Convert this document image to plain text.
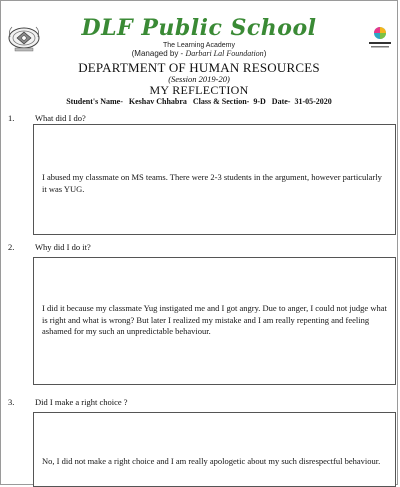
DLF Public School
The Learning Academy
(Managed by - Darbari Lal Foundation)
DEPARTMENT OF HUMAN RESOURCES
(Session 2019-20)
MY REFLECTION
Student's Name- Keshav Chhabra Class & Section- 9-D Date- 31-05-2020
1. What did I do?
I abused my classmate on MS teams. There were 2-3 students in the argument, however particularly it was YUG.
2. Why did I do it?
I did it because my classmate Yug instigated me and I got angry. Due to anger, I could not judge what is right and what is wrong? But later I realized my mistake and I am really repenting and feeling ashamed for my such an unpredictable behaviour.
3. Did I make a right choice ?
No, I did not make a right choice and I am really apologetic about my such disrespectful behaviour.
